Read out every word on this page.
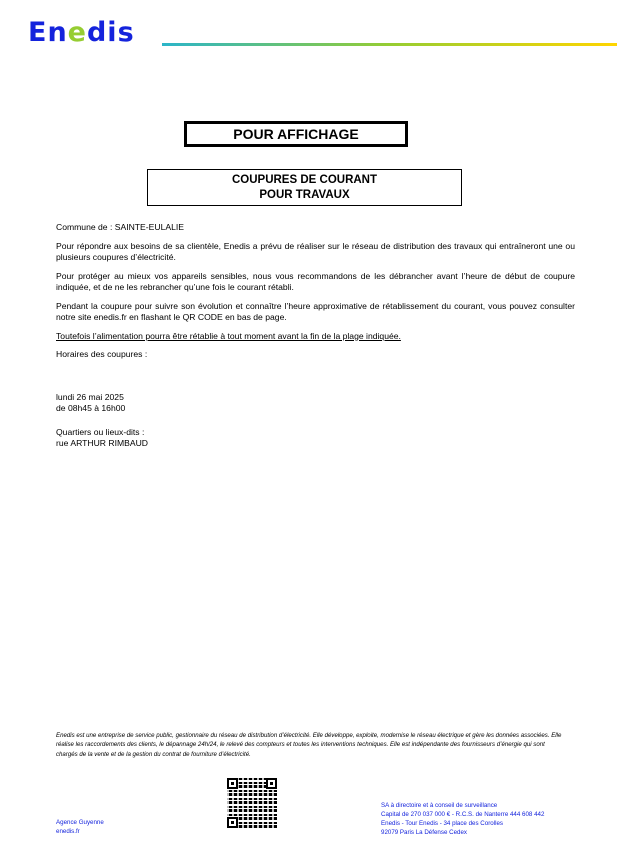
Enedis
POUR AFFICHAGE
COUPURES DE COURANT
POUR TRAVAUX

Commune de : SAINTE-EULALIE

Pour répondre aux besoins de sa clientèle, Enedis a prévu de réaliser sur le réseau de distribution des travaux qui entraîneront une ou plusieurs coupures d’électricité.

Pour protéger au mieux vos appareils sensibles, nous vous recommandons de les débrancher avant l’heure de début de coupure indiquée, et de ne les rebrancher qu’une fois le courant rétabli.

Pendant la coupure pour suivre son évolution et connaître l’heure approximative de rétablissement du courant, vous pouvez consulter notre site enedis.fr en flashant le QR CODE en bas de page.

Toutefois l’alimentation pourra être rétablie à tout moment avant la fin de la plage indiquée.

Horaires des coupures :

lundi 26 mai 2025
de 08h45 à 16h00
Quartiers ou lieux-dits :
rue ARTHUR RIMBAUD

Enedis est une entreprise de service public, gestionnaire du réseau de distribution d’électricité. Elle développe, exploite, modernise le réseau électrique et gère les données associées. Elle réalise les raccordements des clients, le dépannage 24h/24, le relevé des compteurs et toutes les interventions techniques. Elle est indépendante des fournisseurs d’énergie qui sont chargés de la vente et de la gestion du contrat de fourniture d’électricité.

Agence Guyenne
enedis.fr
SA à directoire et à conseil de surveillance
Capital de 270 037 000 € - R.C.S. de Nanterre 444 608 442
Enedis - Tour Enedis - 34 place des Corolles
92079 Paris La Défense Cedex
